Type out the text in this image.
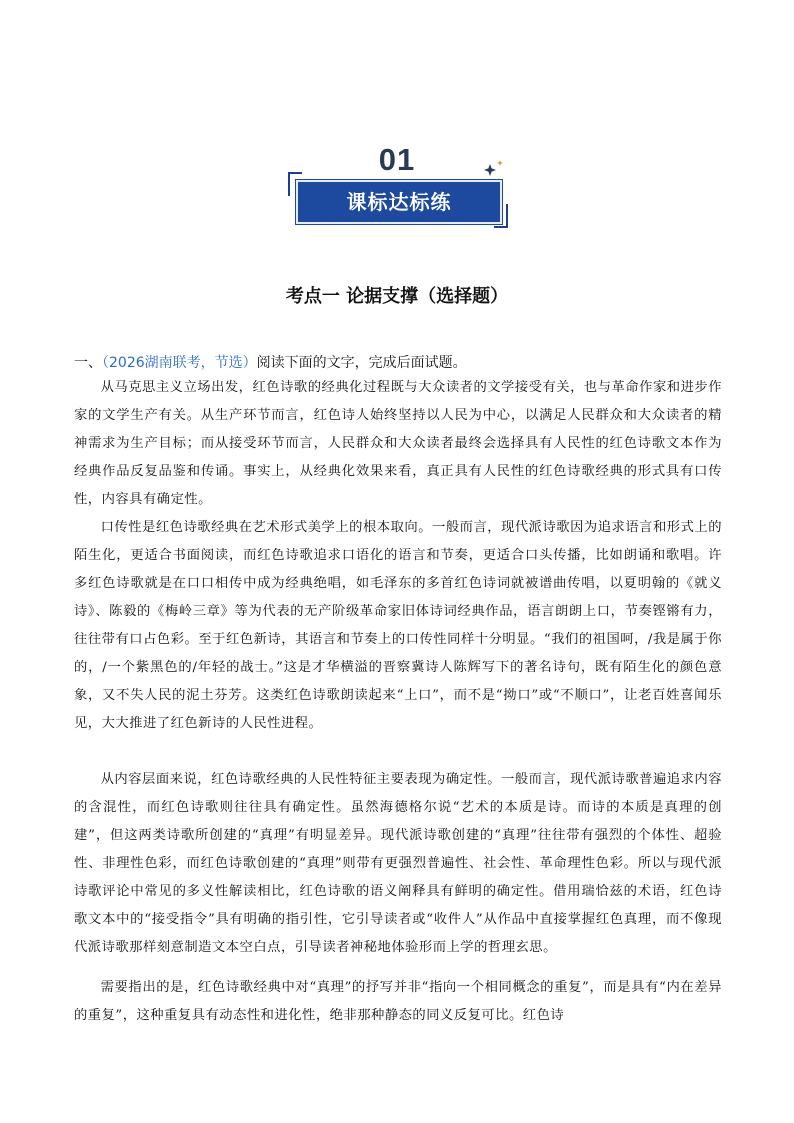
01
课标达标练
考点一 论据支撑（选择题）
一、（2026湖南联考，节选）阅读下面的文字，完成后面试题。

从马克思主义立场出发，红色诗歌的经典化过程既与大众读者的文学接受有关，也与革命作家和进步作家的文学生产有关。从生产环节而言，红色诗人始终坚持以人民为中心，以满足人民群众和大众读者的精神需求为生产目标；而从接受环节而言，人民群众和大众读者最终会选择具有人民性的红色诗歌文本作为经典作品反复品鉴和传诵。事实上，从经典化效果来看，真正具有人民性的红色诗歌经典的形式具有口传性，内容具有确定性。

口传性是红色诗歌经典在艺术形式美学上的根本取向。一般而言，现代派诗歌因为追求语言和形式上的陌生化，更适合书面阅读，而红色诗歌追求口语化的语言和节奏，更适合口头传播，比如朗诵和歌唱。许多红色诗歌就是在口口相传中成为经典绝唱，如毛泽东的多首红色诗词就被谱曲传唱，以夏明翰的《就义诗》、陈毅的《梅岭三章》等为代表的无产阶级革命家旧体诗词经典作品，语言朗朗上口，节奏铿锵有力，往往带有口占色彩。至于红色新诗，其语言和节奏上的口传性同样十分明显。“我们的祖国呵，/我是属于你的，/一个紫黑色的/年轻的战士。”这是才华横溢的晋察冀诗人陈辉写下的著名诗句，既有陌生化的颜色意象，又不失人民的泥土芬芳。这类红色诗歌朗读起来“上口”，而不是“拗口”或“不顺口”，让老百姓喜闻乐见，大大推进了红色新诗的人民性进程。

从内容层面来说，红色诗歌经典的人民性特征主要表现为确定性。一般而言，现代派诗歌普遍追求内容的含混性，而红色诗歌则往往具有确定性。虽然海德格尔说“艺术的本质是诗。而诗的本质是真理的创建”，但这两类诗歌所创建的“真理”有明显差异。现代派诗歌创建的“真理”往往带有强烈的个体性、超验性、非理性色彩，而红色诗歌创建的“真理”则带有更强烈普遍性、社会性、革命理性色彩。所以与现代派诗歌评论中常见的多义性解读相比，红色诗歌的语义阐释具有鲜明的确定性。借用瑞恰兹的术语，红色诗歌文本中的“接受指令”具有明确的指引性，它引导读者或“收件人”从作品中直接掌握红色真理，而不像现代派诗歌那样刻意制造文本空白点，引导读者神秘地体验形而上学的哲理玄思。

需要指出的是，红色诗歌经典中对“真理”的抒写并非“指向一个相同概念的重复”，而是具有“内在差异的重复”，这种重复具有动态性和进化性，绝非那种静态的同义反复可比。红色诗
